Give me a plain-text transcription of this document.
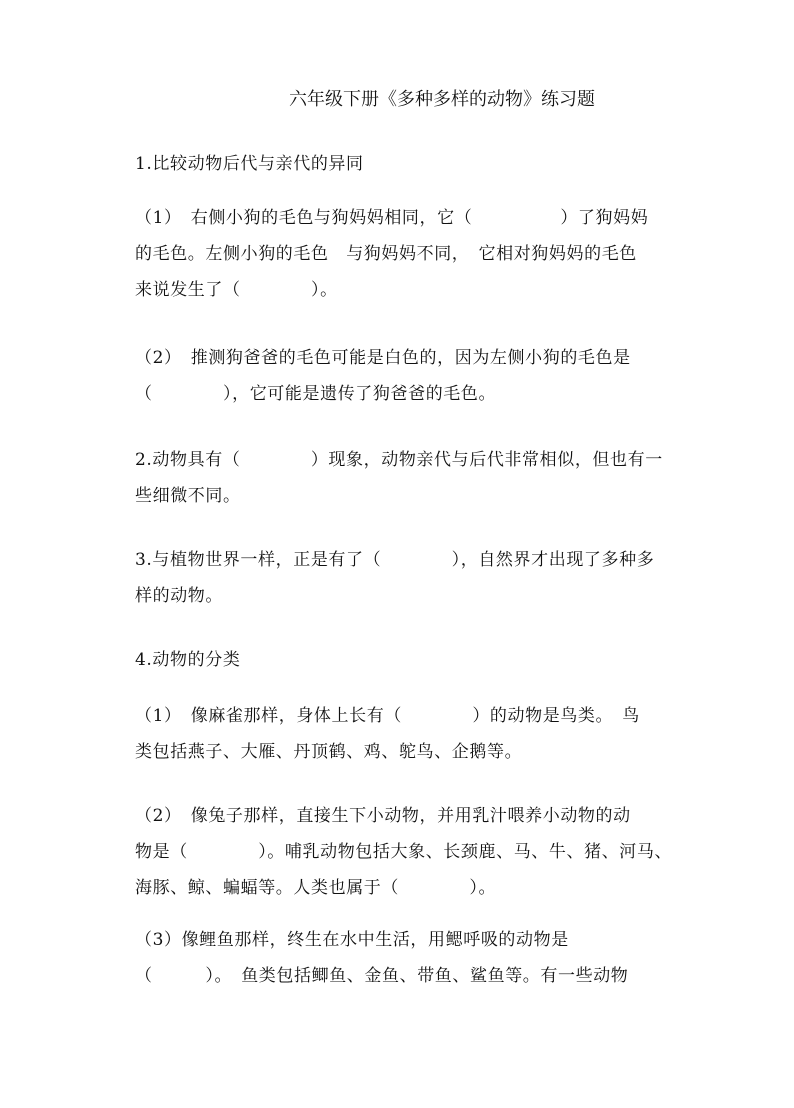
六年级下册《多种多样的动物》练习题
1.比较动物后代与亲代的异同
（1）　右侧小狗的毛色与狗妈妈相同，它（　　　　　）了狗妈妈
的毛色。左侧小狗的毛色　与狗妈妈不同，　它相对狗妈妈的毛色
来说发生了（　　　　）。
（2）　推测狗爸爸的毛色可能是白色的，因为左侧小狗的毛色是
（　　　　），它可能是遗传了狗爸爸的毛色。
2.动物具有（　　　　）现象，动物亲代与后代非常相似，但也有一
些细微不同。
3.与植物世界一样，正是有了（　　　　），自然界才出现了多种多
样的动物。
4.动物的分类
（1）　像麻雀那样，身体上长有（　　　　）的动物是鸟类。　鸟
类包括燕子、大雁、丹顶鹤、鸡、鸵鸟、企鹅等。
（2）　像兔子那样，直接生下小动物，并用乳汁喂养小动物的动
物是（　　　　）。哺乳动物包括大象、长颈鹿、马、牛、猪、河马、
海豚、鲸、蝙蝠等。人类也属于（　　　　）。
（3）像鲤鱼那样，终生在水中生活，用鳃呼吸的动物是
（　　　）。　鱼类包括鲫鱼、金鱼、带鱼、鲨鱼等。有一些动物
